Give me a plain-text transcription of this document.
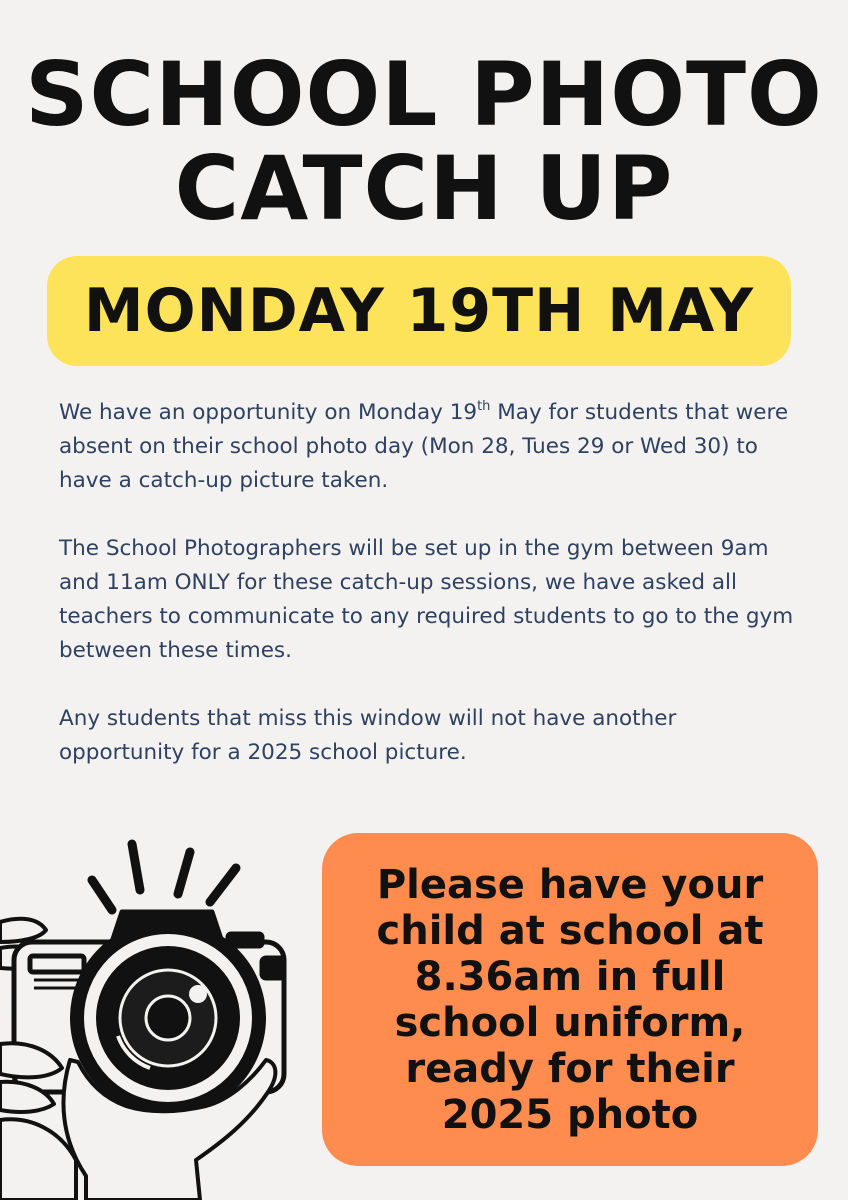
SCHOOL PHOTO
CATCH UP
MONDAY 19TH MAY

We have an opportunity on Monday 19th May for students that were absent on their school photo day (Mon 28, Tues 29 or Wed 30) to have a catch-up picture taken.

The School Photographers will be set up in the gym between 9am and 11am ONLY for these catch-up sessions, we have asked all teachers to communicate to any required students to go to the gym between these times.

Any students that miss this window will not have another opportunity for a 2025 school picture.

Please have your child at school at 8.36am in full school uniform, ready for their 2025 photo
